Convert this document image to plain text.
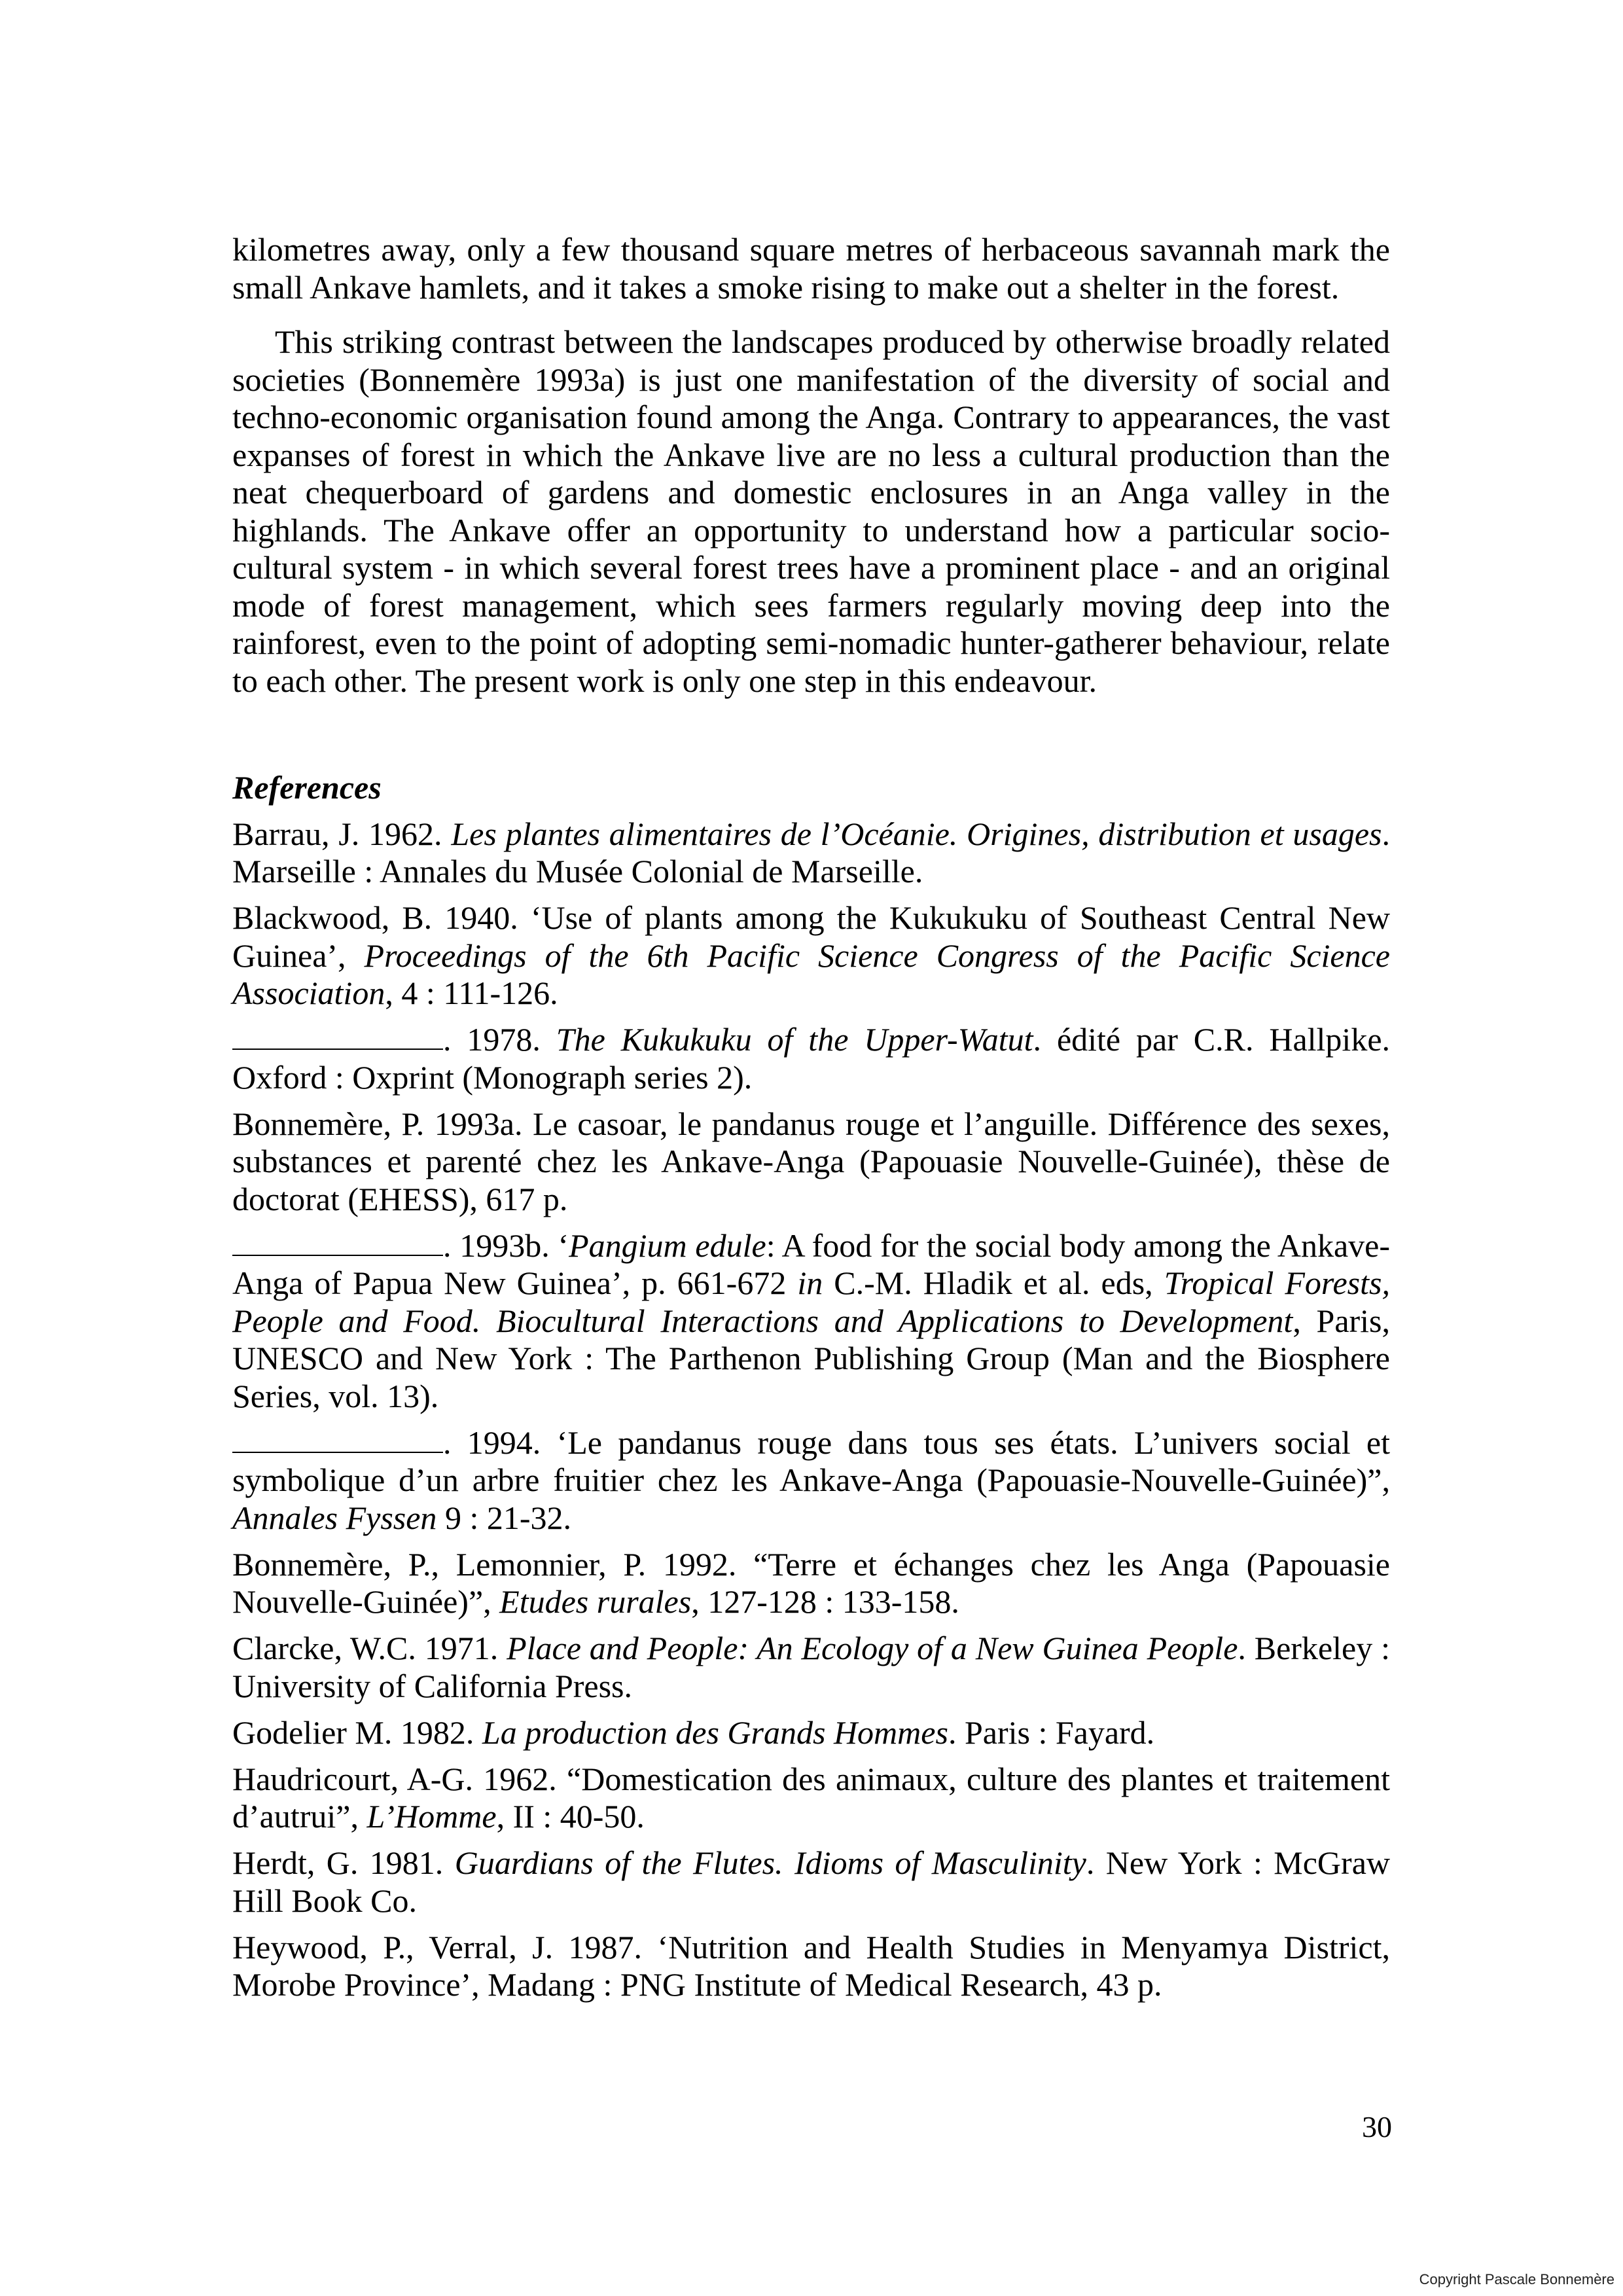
kilometres away, only a few thousand square metres of herbaceous savannah mark the small Ankave hamlets, and it takes a smoke rising to make out a shelter in the forest.

This striking contrast between the landscapes produced by otherwise broadly related societies (Bonnemère 1993a) is just one manifestation of the diversity of social and techno-economic organisation found among the Anga. Contrary to appearances, the vast expanses of forest in which the Ankave live are no less a cultural production than the neat chequerboard of gardens and domestic enclosures in an Anga valley in the highlands. The Ankave offer an opportunity to understand how a particular socio-cultural system - in which several forest trees have a prominent place - and an original mode of forest management, which sees farmers regularly moving deep into the rainforest, even to the point of adopting semi-nomadic hunter-gatherer behaviour, relate to each other. The present work is only one step in this endeavour.

References
Barrau, J. 1962. Les plantes alimentaires de l’Océanie. Origines, distribution et usages. Marseille : Annales du Musée Colonial de Marseille.
Blackwood, B. 1940. ‘Use of plants among the Kukukuku of Southeast Central New Guinea’, Proceedings of the 6th Pacific Science Congress of the Pacific Science Association, 4 : 111-126.
. 1978. The Kukukuku of the Upper-Watut. édité par C.R. Hallpike. Oxford : Oxprint (Monograph series 2).
Bonnemère, P. 1993a. Le casoar, le pandanus rouge et l’anguille. Différence des sexes, substances et parenté chez les Ankave-Anga (Papouasie Nouvelle-Guinée), thèse de doctorat (EHESS), 617 p.
. 1993b. ‘Pangium edule: A food for the social body among the Ankave-Anga of Papua New Guinea’, p. 661-672 in C.-M. Hladik et al. eds, Tropical Forests, People and Food. Biocultural Interactions and Applications to Development, Paris, UNESCO and New York : The Parthenon Publishing Group (Man and the Biosphere Series, vol. 13).
. 1994. ‘Le pandanus rouge dans tous ses états. L’univers social et symbolique d’un arbre fruitier chez les Ankave-Anga (Papouasie-Nouvelle-Guinée)”, Annales Fyssen 9 : 21-32.
Bonnemère, P., Lemonnier, P. 1992. “Terre et échanges chez les Anga (Papouasie Nouvelle-Guinée)”, Etudes rurales, 127-128 : 133-158.
Clarcke, W.C. 1971. Place and People: An Ecology of a New Guinea People. Berkeley : University of California Press.
Godelier M. 1982. La production des Grands Hommes. Paris : Fayard.
Haudricourt, A-G. 1962. “Domestication des animaux, culture des plantes et traitement d’autrui”, L’Homme, II : 40-50.
Herdt, G. 1981. Guardians of the Flutes. Idioms of Masculinity. New York : McGraw Hill Book Co.
Heywood, P., Verral, J. 1987. ‘Nutrition and Health Studies in Menyamya District, Morobe Province’, Madang : PNG Institute of Medical Research, 43 p.
30
Copyright Pascale Bonnemère
